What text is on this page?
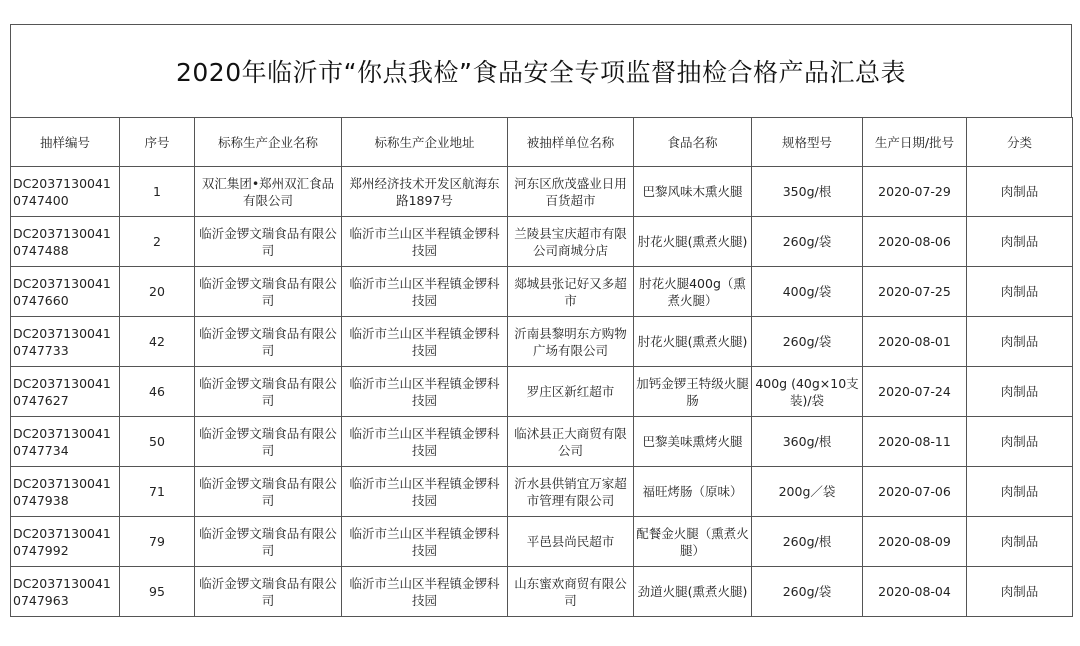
2020年临沂市“你点我检”食品安全专项监督抽检合格产品汇总表
抽样编号	序号	标称生产企业名称	标称生产企业地址	被抽样单位名称	食品名称	规格型号	生产日期/批号	分类
DC20371300410747400	1	双汇集团•郑州双汇食品有限公司	郑州经济技术开发区航海东路1897号	河东区欣茂盛业日用百货超市	巴黎风味木熏火腿	350g/根	2020-07-29	肉制品
DC20371300410747488	2	临沂金锣文瑞食品有限公司	临沂市兰山区半程镇金锣科技园	兰陵县宝庆超市有限公司商城分店	肘花火腿(熏煮火腿)	260g/袋	2020-08-06	肉制品
DC20371300410747660	20	临沂金锣文瑞食品有限公司	临沂市兰山区半程镇金锣科技园	郯城县张记好又多超市	肘花火腿400g（熏煮火腿）	400g/袋	2020-07-25	肉制品
DC20371300410747733	42	临沂金锣文瑞食品有限公司	临沂市兰山区半程镇金锣科技园	沂南县黎明东方购物广场有限公司	肘花火腿(熏煮火腿)	260g/袋	2020-08-01	肉制品
DC20371300410747627	46	临沂金锣文瑞食品有限公司	临沂市兰山区半程镇金锣科技园	罗庄区新红超市	加钙金锣王特级火腿肠	400g (40g×10支装)/袋	2020-07-24	肉制品
DC20371300410747734	50	临沂金锣文瑞食品有限公司	临沂市兰山区半程镇金锣科技园	临沭县正大商贸有限公司	巴黎美味熏烤火腿	360g/根	2020-08-11	肉制品
DC20371300410747938	71	临沂金锣文瑞食品有限公司	临沂市兰山区半程镇金锣科技园	沂水县供销宜万家超市管理有限公司	福旺烤肠（原味）	200g／袋	2020-07-06	肉制品
DC20371300410747992	79	临沂金锣文瑞食品有限公司	临沂市兰山区半程镇金锣科技园	平邑县尚民超市	配餐金火腿（熏煮火腿）	260g/根	2020-08-09	肉制品
DC20371300410747963	95	临沂金锣文瑞食品有限公司	临沂市兰山区半程镇金锣科技园	山东蜜欢商贸有限公司	劲道火腿(熏煮火腿)	260g/袋	2020-08-04	肉制品
